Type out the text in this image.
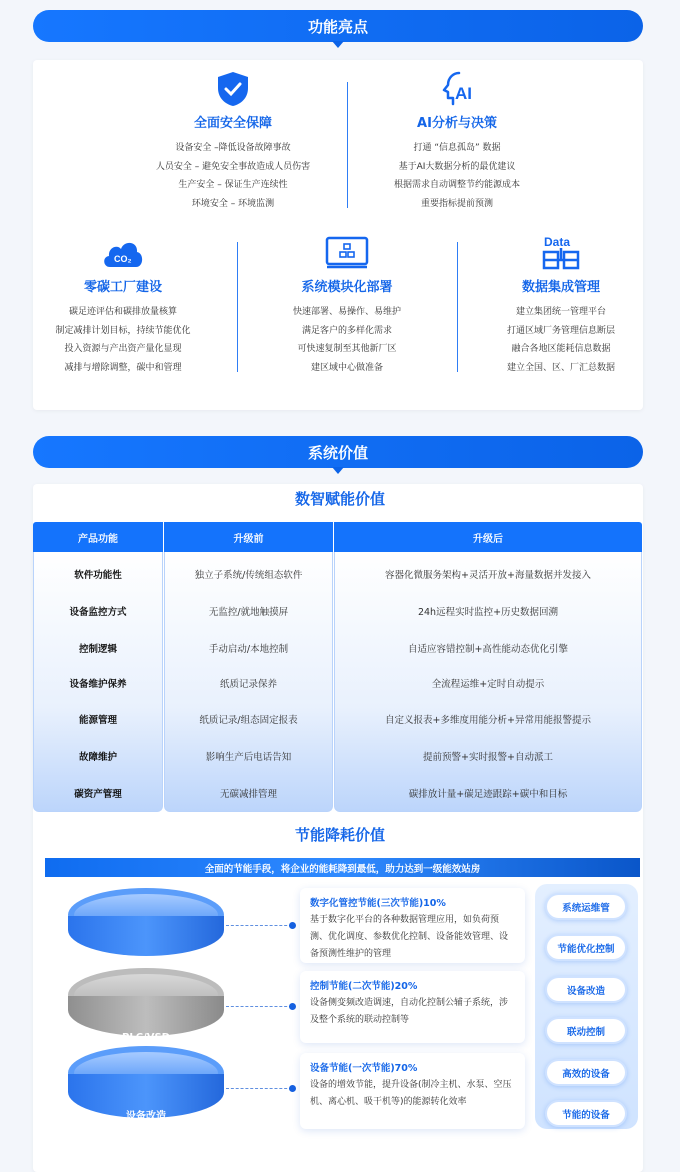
功能亮点
全面安全保障
设备安全 –降低设备故障事故
人员安全 – 避免安全事故造成人员伤害
生产安全 – 保证生产连续性
环境安全 – 环境监测
AI
AI分析与决策
打通 “信息孤岛” 数据
基于AI大数据分析的最优建议
根据需求自动调整节约能源成本
重要指标提前预测
CO₂
零碳工厂建设
碳足迹评估和碳排放量核算
制定减排计划目标，持续节能优化
投入资源与产出资产量化显现
减排与增除调整，碳中和管理
系统模块化部署
快速部署、易操作、易维护
满足客户的多样化需求
可快速复制至其他新厂区
建区域中心做准备
Data
数据集成管理
建立集团统一管理平台
打通区域厂务管理信息断层
融合各地区能耗信息数据
建立全国、区、厂汇总数据
系统价值
数智赋能价值
产品功能	升级前	升级后
软件功能性	独立子系统/传统组态软件	容器化微服务架构+灵活开放+海量数据并发接入
设备监控方式	无监控/就地触摸屏	24h远程实时监控+历史数据回溯
控制逻辑	手动启动/本地控制	自适应容错控制+高性能动态优化引擎
设备维护保养	纸质记录保养	全流程运维+定时自动提示
能源管理	纸质记录/组态固定报表	自定义报表+多维度用能分析+异常用能报警提示
故障维护	影响生产后电话告知	提前预警+实时报警+自动派工
碳资产管理	无碳减排管理	碳排放计量+碳足迹跟踪+碳中和目标
节能降耗价值
全面的节能手段，将企业的能耗降到最低，助力达到一级能效站房
数字化
PLC/VSD
设备改造
数字化管控节能(三次节能)10%
基于数字化平台的各种数据管理应用，如负荷预测、优化调度、参数优化控制、设备能效管理、设备预测性维护的管理
控制节能(二次节能)20%
设备侧变频改造调速，自动化控制公辅子系统，涉及整个系统的联动控制等
设备节能(一次节能)70%
设备的增效节能，提升设备(制冷主机、水泵、空压机、离心机、吸干机等)的能源转化效率
系统运维管
节能优化控制
设备改造
联动控制
高效的设备
节能的设备
